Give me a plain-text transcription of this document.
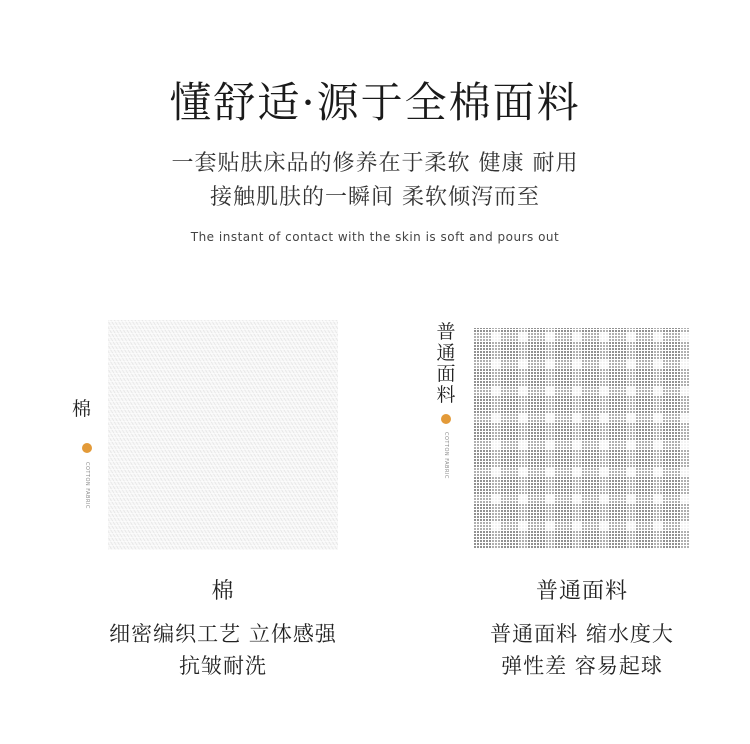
懂舒适·源于全棉面料
一套贴肤床品的修养在于柔软 健康 耐用
接触肌肤的一瞬间 柔软倾泻而至
The instant of contact with the skin is soft and pours out
棉
COTTON FABRIC
棉
细密编织工艺 立体感强
抗皱耐洗
普通面料
COTTON FABRIC
普通面料
普通面料 缩水度大
弹性差 容易起球
